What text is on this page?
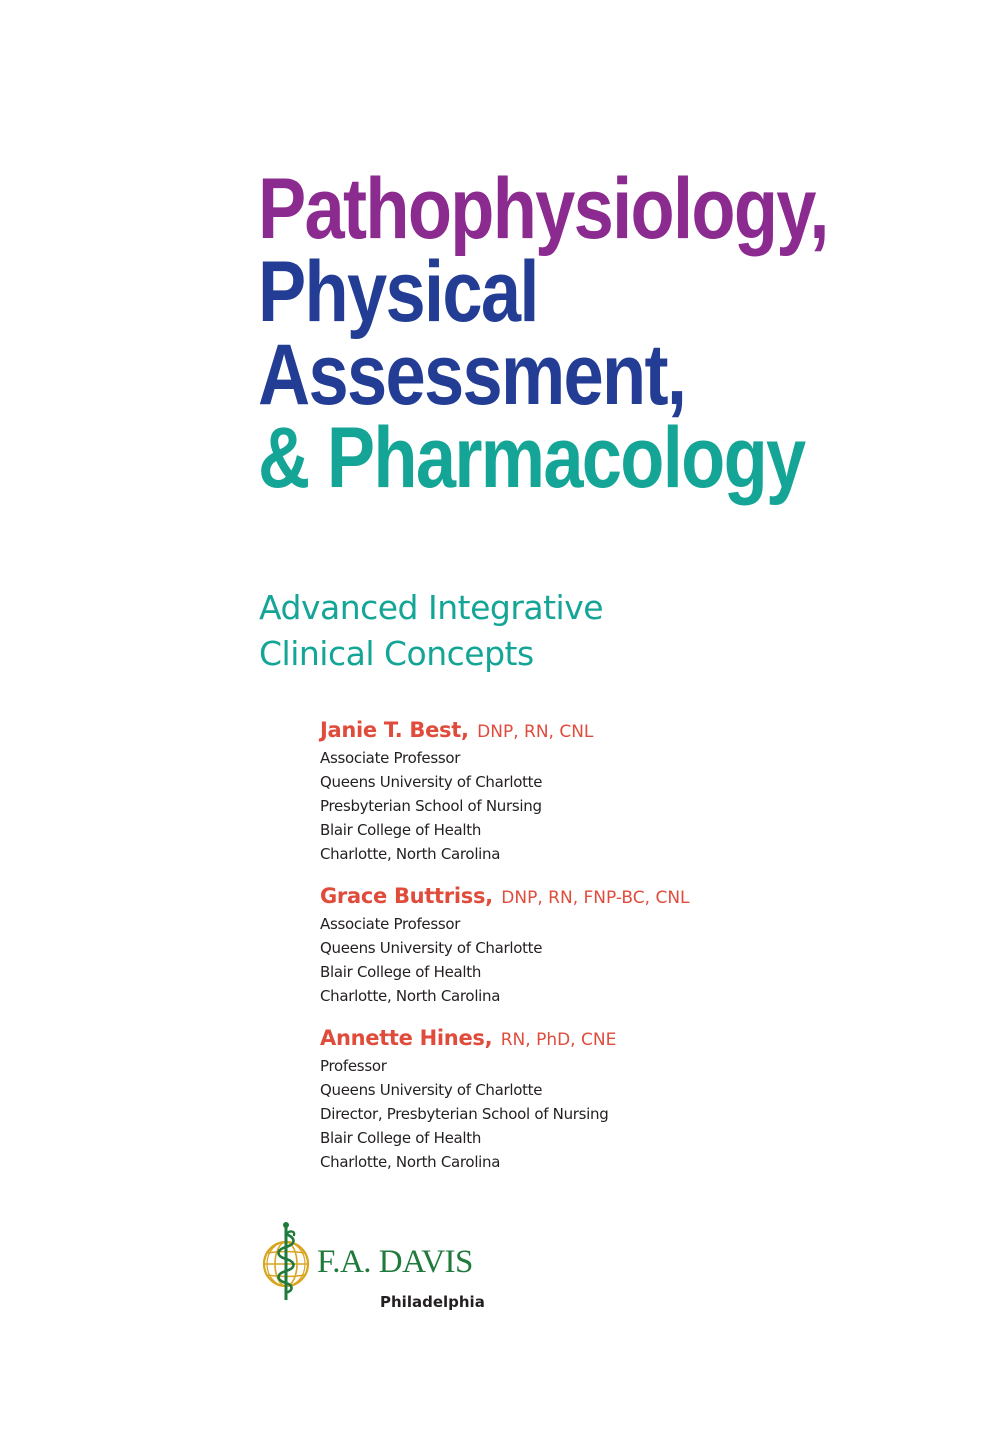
Pathophysiology,
Physical
Assessment,
& Pharmacology
Advanced Integrative
Clinical Concepts
Janie T. Best, DNP, RN, CNL
Associate Professor
Queens University of Charlotte
Presbyterian School of Nursing
Blair College of Health
Charlotte, North Carolina
Grace Buttriss, DNP, RN, FNP-BC, CNL
Associate Professor
Queens University of Charlotte
Blair College of Health
Charlotte, North Carolina
Annette Hines, RN, PhD, CNE
Professor
Queens University of Charlotte
Director, Presbyterian School of Nursing
Blair College of Health
Charlotte, North Carolina
F.A. DAVIS
Philadelphia
